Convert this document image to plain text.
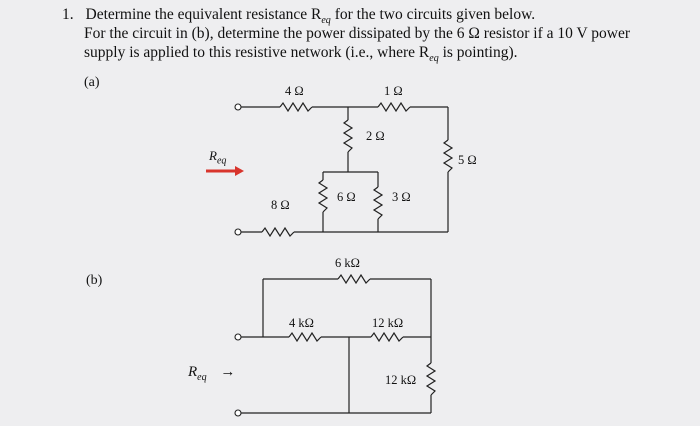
1. Determine the equivalent resistance $R_{eq}$ for the two circuits given below.
For the circuit in (b), determine the power dissipated by the 6 Ω resistor if a 10 V power
supply is applied to this resistive network (i.e., where $R_{eq}$ is pointing).
(a)
(b)
4 Ω	1 Ω
2 Ω
5 Ω
8 Ω
6 Ω	3 Ω
$R_{eq}$
6 kΩ
4 kΩ	12 kΩ
12 kΩ
$R_{eq}$ →
